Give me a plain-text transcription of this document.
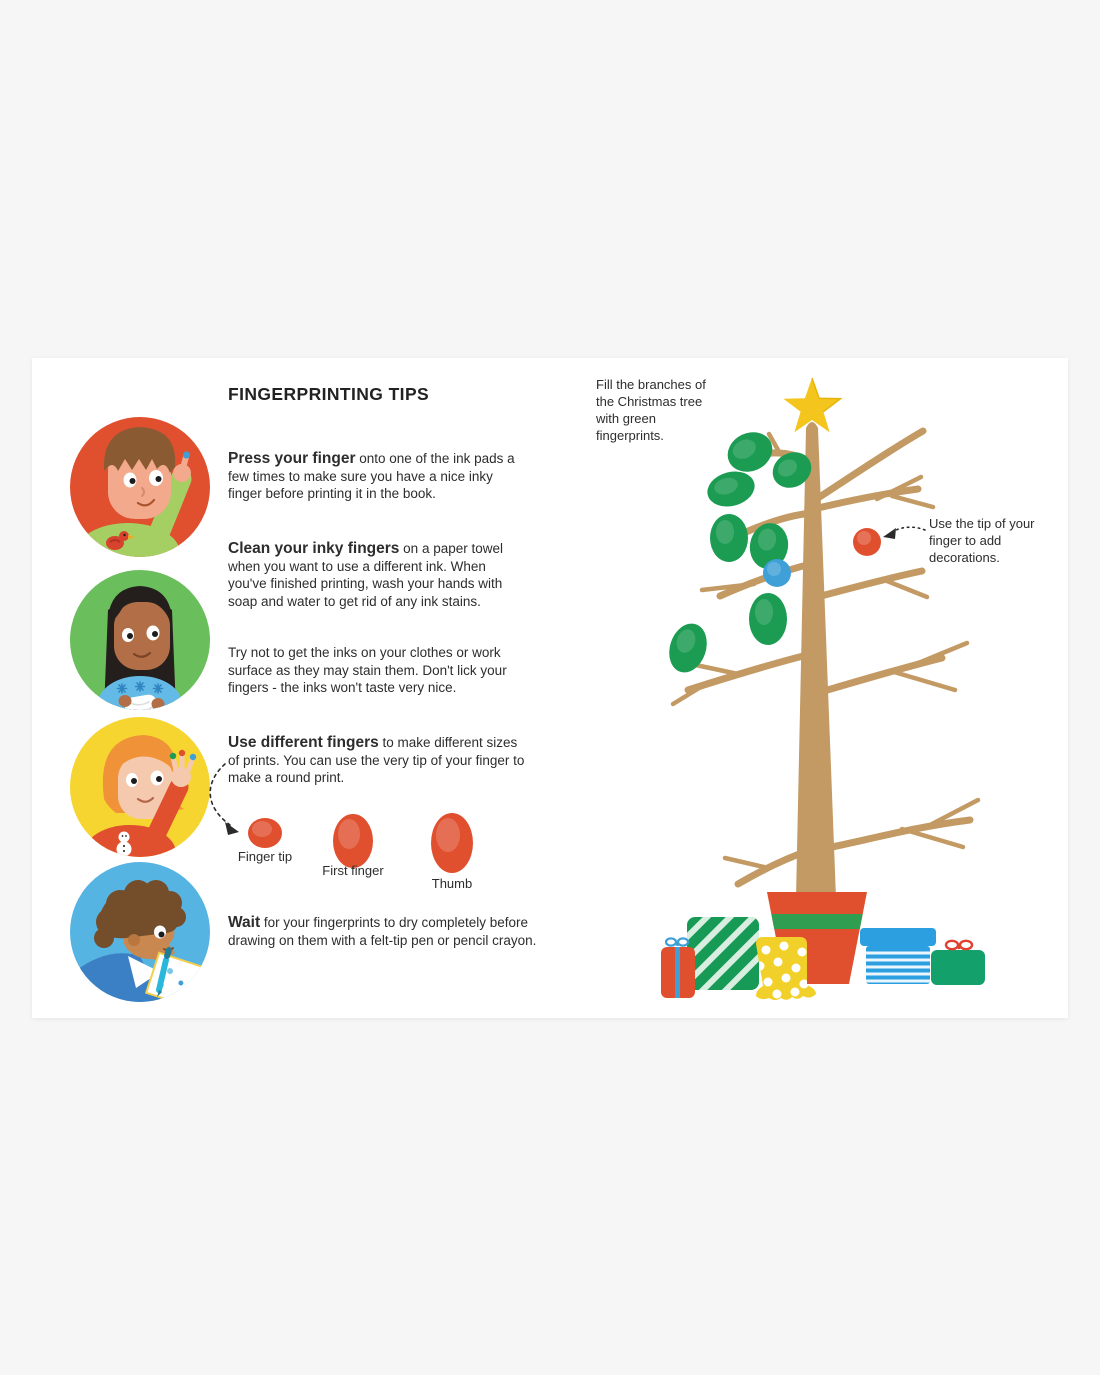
FINGERPRINTING TIPS
Press your finger onto one of the ink pads a few times to make sure you have a nice inky finger before printing it in the book.
Clean your inky fingers on a paper towel when you want to use a different ink. When you've finished printing, wash your hands with soap and water to get rid of any ink stains.
Try not to get the inks on your clothes or work surface as they may stain them. Don't lick your fingers - the inks won't taste very nice.
Use different fingers to make different sizes of prints. You can use the very tip of your finger to make a round print.
Finger tip
First finger
Thumb
Wait for your fingerprints to dry completely before drawing on them with a felt-tip pen or pencil crayon.
Fill the branches of the Christmas tree with green fingerprints.
Use the tip of your finger to add decorations.
